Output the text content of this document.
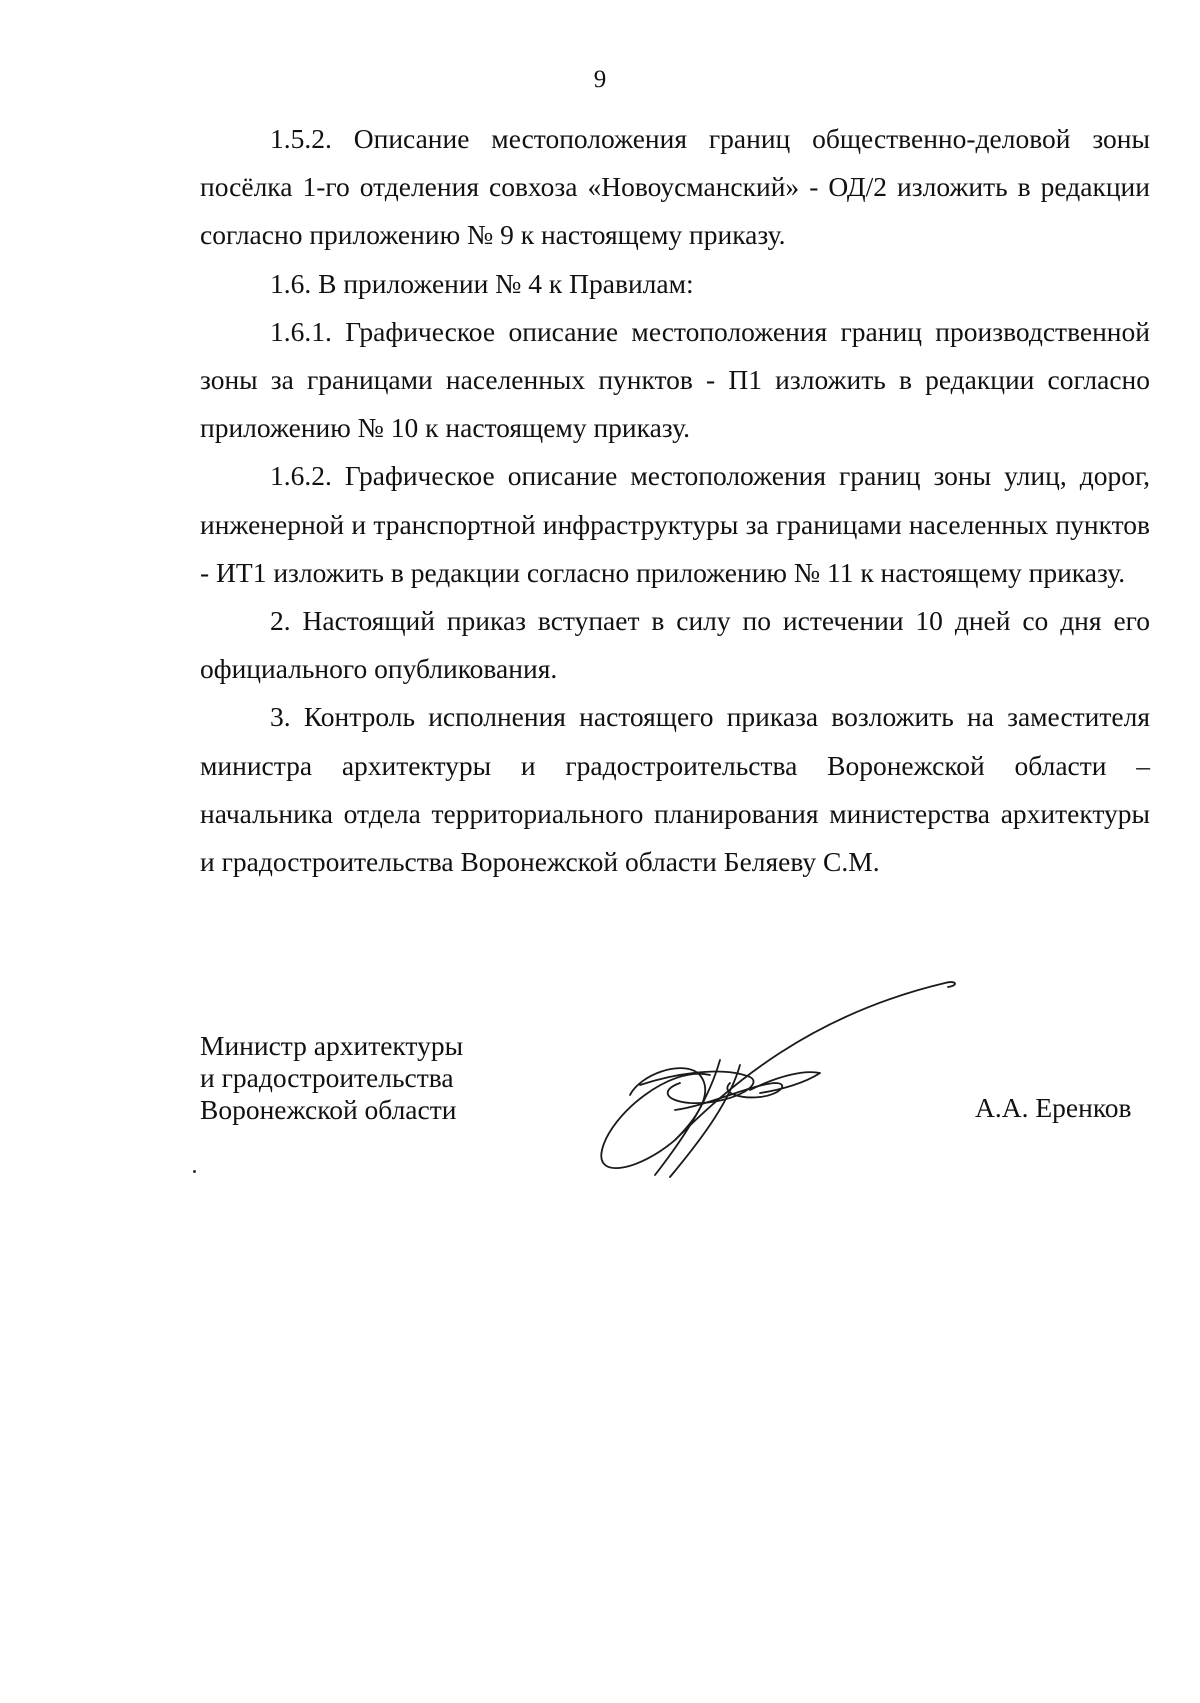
9

1.5.2. Описание местоположения границ общественно-деловой зоны посёлка 1-го отделения совхоза «Новоусманский» - ОД/2 изложить в редакции согласно приложению № 9 к настоящему приказу.

1.6. В приложении № 4 к Правилам:

1.6.1. Графическое описание местоположения границ производственной зоны за границами населенных пунктов - П1 изложить в редакции согласно приложению № 10 к настоящему приказу.

1.6.2. Графическое описание местоположения границ зоны улиц, дорог, инженерной и транспортной инфраструктуры за границами населенных пунктов - ИТ1 изложить в редакции согласно приложению № 11 к настоящему приказу.

2. Настоящий приказ вступает в силу по истечении 10 дней со дня его официального опубликования.

3. Контроль исполнения настоящего приказа возложить на заместителя министра архитектуры и градостроительства Воронежской области – начальника отдела территориального планирования министерства архитектуры и градостроительства Воронежской области Беляеву С.М.

Министр архитектуры
и градостроительства
Воронежской области	А.А. Еренков
